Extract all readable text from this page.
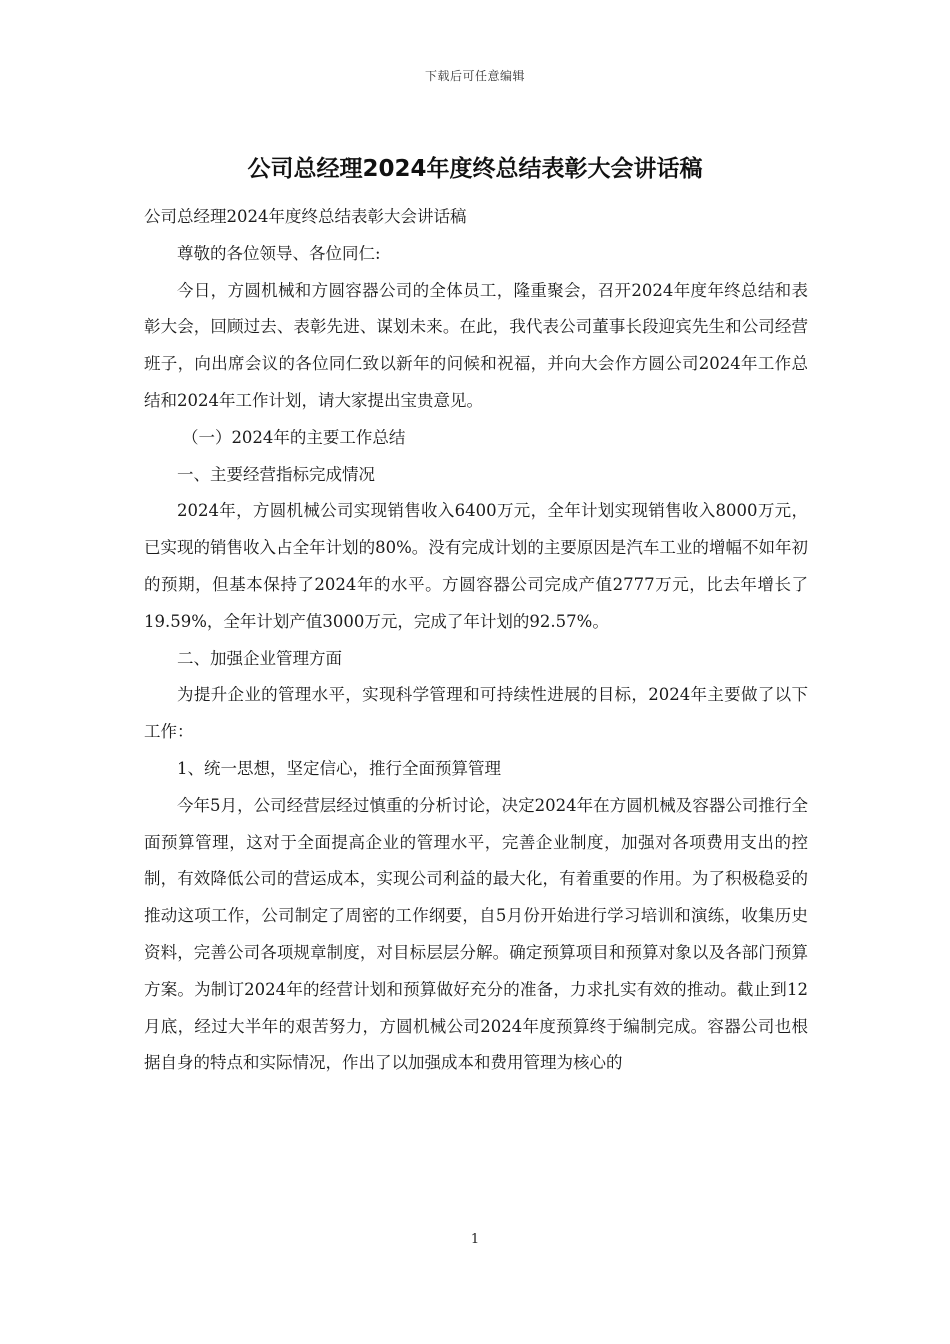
下载后可任意编辑
公司总经理2024年度终总结表彰大会讲话稿

公司总经理2024年度终总结表彰大会讲话稿

尊敬的各位领导、各位同仁:

今日，方圆机械和方圆容器公司的全体员工，隆重聚会，召开2024年度年终总结和表彰大会，回顾过去、表彰先进、谋划未来。在此，我代表公司董事长段迎宾先生和公司经营班子，向出席会议的各位同仁致以新年的问候和祝福，并向大会作方圆公司2024年工作总结和2024年工作计划，请大家提出宝贵意见。

（一）2024年的主要工作总结

一、主要经营指标完成情况

2024年，方圆机械公司实现销售收入6400万元，全年计划实现销售收入8000万元，已实现的销售收入占全年计划的80%。没有完成计划的主要原因是汽车工业的增幅不如年初的预期，但基本保持了2024年的水平。方圆容器公司完成产值2777万元，比去年增长了19.59%，全年计划产值3000万元，完成了年计划的92.57%。

二、加强企业管理方面

为提升企业的管理水平，实现科学管理和可持续性进展的目标，2024年主要做了以下工作：

1、统一思想，坚定信心，推行全面预算管理

今年5月，公司经营层经过慎重的分析讨论，决定2024年在方圆机械及容器公司推行全面预算管理，这对于全面提高企业的管理水平，完善企业制度，加强对各项费用支出的控制，有效降低公司的营运成本，实现公司利益的最大化，有着重要的作用。为了积极稳妥的推动这项工作，公司制定了周密的工作纲要，自5月份开始进行学习培训和演练，收集历史资料，完善公司各项规章制度，对目标层层分解。确定预算项目和预算对象以及各部门预算方案。为制订2024年的经营计划和预算做好充分的准备，力求扎实有效的推动。截止到12月底，经过大半年的艰苦努力，方圆机械公司2024年度预算终于编制完成。容器公司也根据自身的特点和实际情况，作出了以加强成本和费用管理为核心的

1
